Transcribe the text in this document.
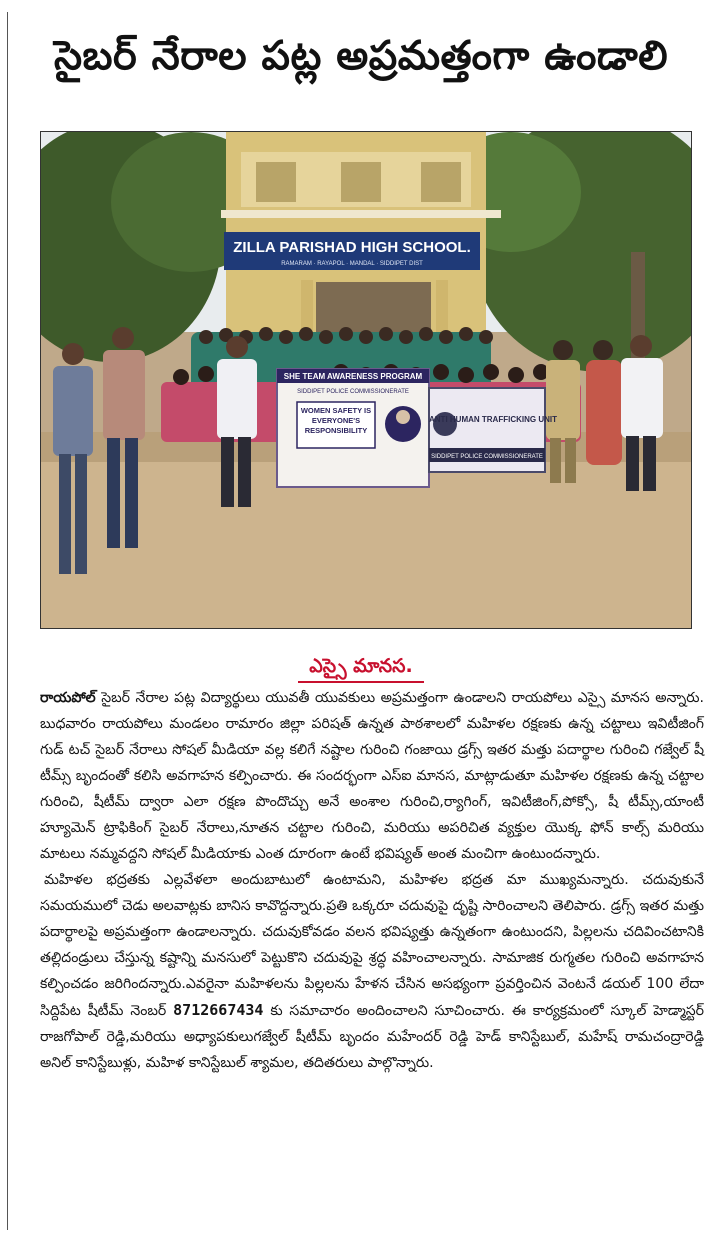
సైబర్ నేరాల పట్ల అప్రమత్తంగా ఉండాలి
ZILLA PARISHAD HIGH SCHOOL.
RAMARAM · RAYAPOL · MANDAL · SIDDIPET DIST
SHE TEAM AWARENESS PROGRAM
SIDDIPET POLICE COMMISSIONERATE
WOMEN SAFETY IS EVERYONE'S RESPONSIBILITY
ANTI HUMAN TRAFFICKING UNIT
SIDDIPET POLICE COMMISSIONERATE
ఎస్సై మానస.

రాయపోల్ సైబర్ నేరాల పట్ల విద్యార్థులు యువతీ యువకులు అప్రమత్తంగా ఉండాలని రాయపోలు ఎస్సై మానస అన్నారు. బుధవారం రాయపోలు మండలం రామారం జిల్లా పరిషత్ ఉన్నత పాఠశాలలో మహిళల రక్షణకు ఉన్న చట్టాలు ఇవిటీజింగ్ గుడ్ టచ్ సైబర్ నేరాలు సోషల్ మీడియా వల్ల కలిగే నష్టాల గురించి గంజాయి డ్రగ్స్ ఇతర మత్తు పదార్థాల గురించి గజ్వేల్ షీ టీమ్స్ బృందంతో కలిసి అవగాహన కల్పించారు. ఈ సందర్భంగా ఎస్ఐ మానస, మాట్లాడుతూ మహిళల రక్షణకు ఉన్న చట్టాల గురించి, షీటీమ్ ద్వారా ఎలా రక్షణ పొందొచ్చు అనే అంశాల గురించి,ర్యాగింగ్, ఇవిటీజింగ్,పోక్సో, షీ టీమ్స్,యాంటీ హ్యూమెన్ ట్రాఫికింగ్ సైబర్ నేరాలు,నూతన చట్టాల గురించి, మరియు అపరిచిత వ్యక్తుల యొక్క ఫోన్ కాల్స్ మరియు మాటలు నమ్మవద్దని సోషల్ మీడియాకు ఎంత దూరంగా ఉంటే భవిష్యత్ అంత మంచిగా ఉంటుందన్నారు.

మహిళల భద్రతకు ఎల్లవేళలా అందుబాటులో ఉంటామని, మహిళల భద్రత మా ముఖ్యమన్నారు. చదువుకునే సమయములో చెడు అలవాట్లకు బానిస కావొద్దన్నారు.ప్రతి ఒక్కరూ చదువుపై దృష్టి సారించాలని తెలిపారు. డ్రగ్స్ ఇతర మత్తు పదార్థాలపై అప్రమత్తంగా ఉండాలన్నారు. చదువుకోవడం వలన భవిష్యత్తు ఉన్నతంగా ఉంటుందని, పిల్లలను చదివించటానికి తల్లిదండ్రులు చేస్తున్న కష్టాన్ని మనసులో పెట్టుకొని చదువుపై శ్రద్ధ వహించాలన్నారు. సామాజిక రుగ్మతల గురించి అవగాహన కల్పించడం జరిగిందన్నారు.ఎవరైనా మహిళలను పిల్లలను హేళన చేసిన అసభ్యంగా ప్రవర్తించిన వెంటనే డయల్ 100 లేదా సిద్దిపేట షీటీమ్ నెంబర్ 8712667434 కు సమాచారం అందించాలని సూచించారు. ఈ కార్యక్రమంలో స్కూల్ హెడ్మాస్టర్ రాజగోపాల్ రెడ్డి,మరియు అధ్యాపకులుగజ్వేల్ షీటీమ్ బృందం మహేందర్ రెడ్డి హెడ్ కానిస్టేబుల్, మహేష్ రామచంద్రారెడ్డి అనిల్ కానిస్టేబుళ్లు, మహిళ కానిస్టేబుల్ శ్యామల, తదితరులు పాల్గొన్నారు.
